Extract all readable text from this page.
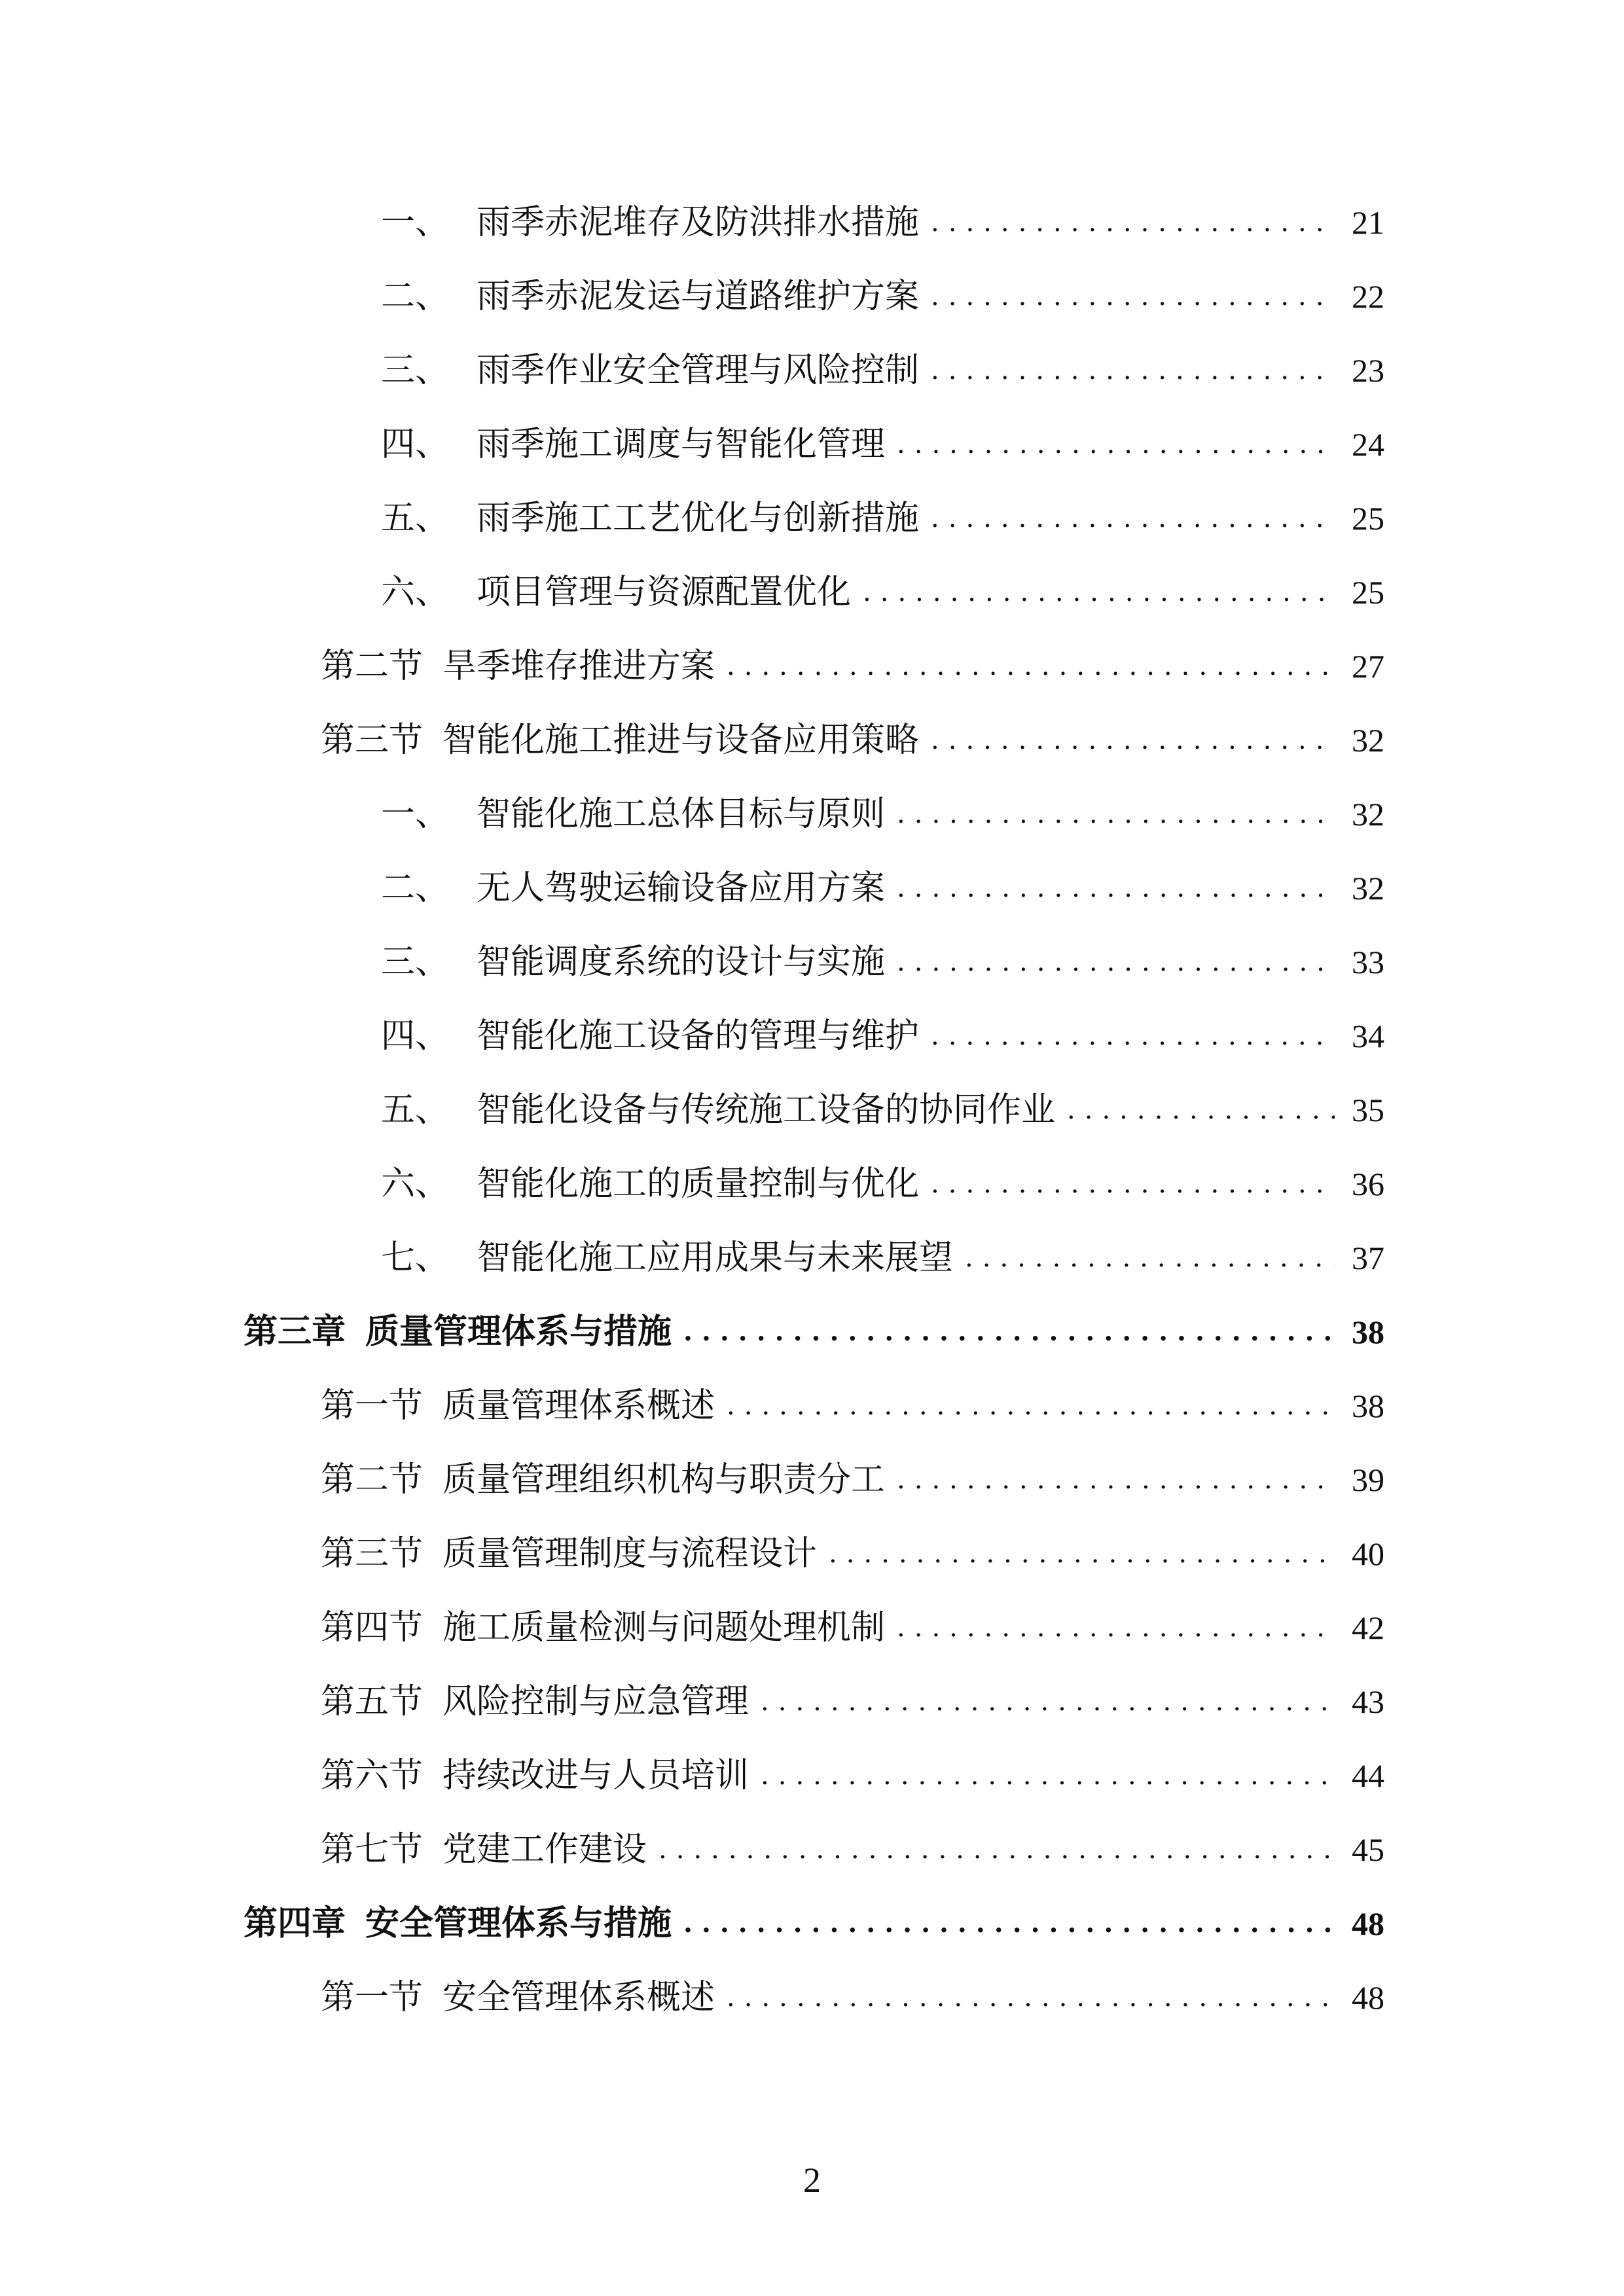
一、 雨季赤泥堆存及防洪排水措施 .....	21
二、 雨季赤泥发运与道路维护方案 .....	22
三、 雨季作业安全管理与风险控制 .....	23
四、 雨季施工调度与智能化管理 .....	24
五、 雨季施工工艺优化与创新措施 .....	25
六、 项目管理与资源配置优化 .....	25
第二节 旱季堆存推进方案 .....	27
第三节 智能化施工推进与设备应用策略 .....	32
一、 智能化施工总体目标与原则 .....	32
二、 无人驾驶运输设备应用方案 .....	32
三、 智能调度系统的设计与实施 .....	33
四、 智能化施工设备的管理与维护 .....	34
五、 智能化设备与传统施工设备的协同作业 .....	35
六、 智能化施工的质量控制与优化 .....	36
七、 智能化施工应用成果与未来展望 .....	37
第三章 质量管理体系与措施 .....	38
第一节 质量管理体系概述 .....	38
第二节 质量管理组织机构与职责分工 .....	39
第三节 质量管理制度与流程设计 .....	40
第四节 施工质量检测与问题处理机制 .....	42
第五节 风险控制与应急管理 .....	43
第六节 持续改进与人员培训 .....	44
第七节 党建工作建设 .....	45
第四章 安全管理体系与措施 .....	48
第一节 安全管理体系概述 .....	48
2
